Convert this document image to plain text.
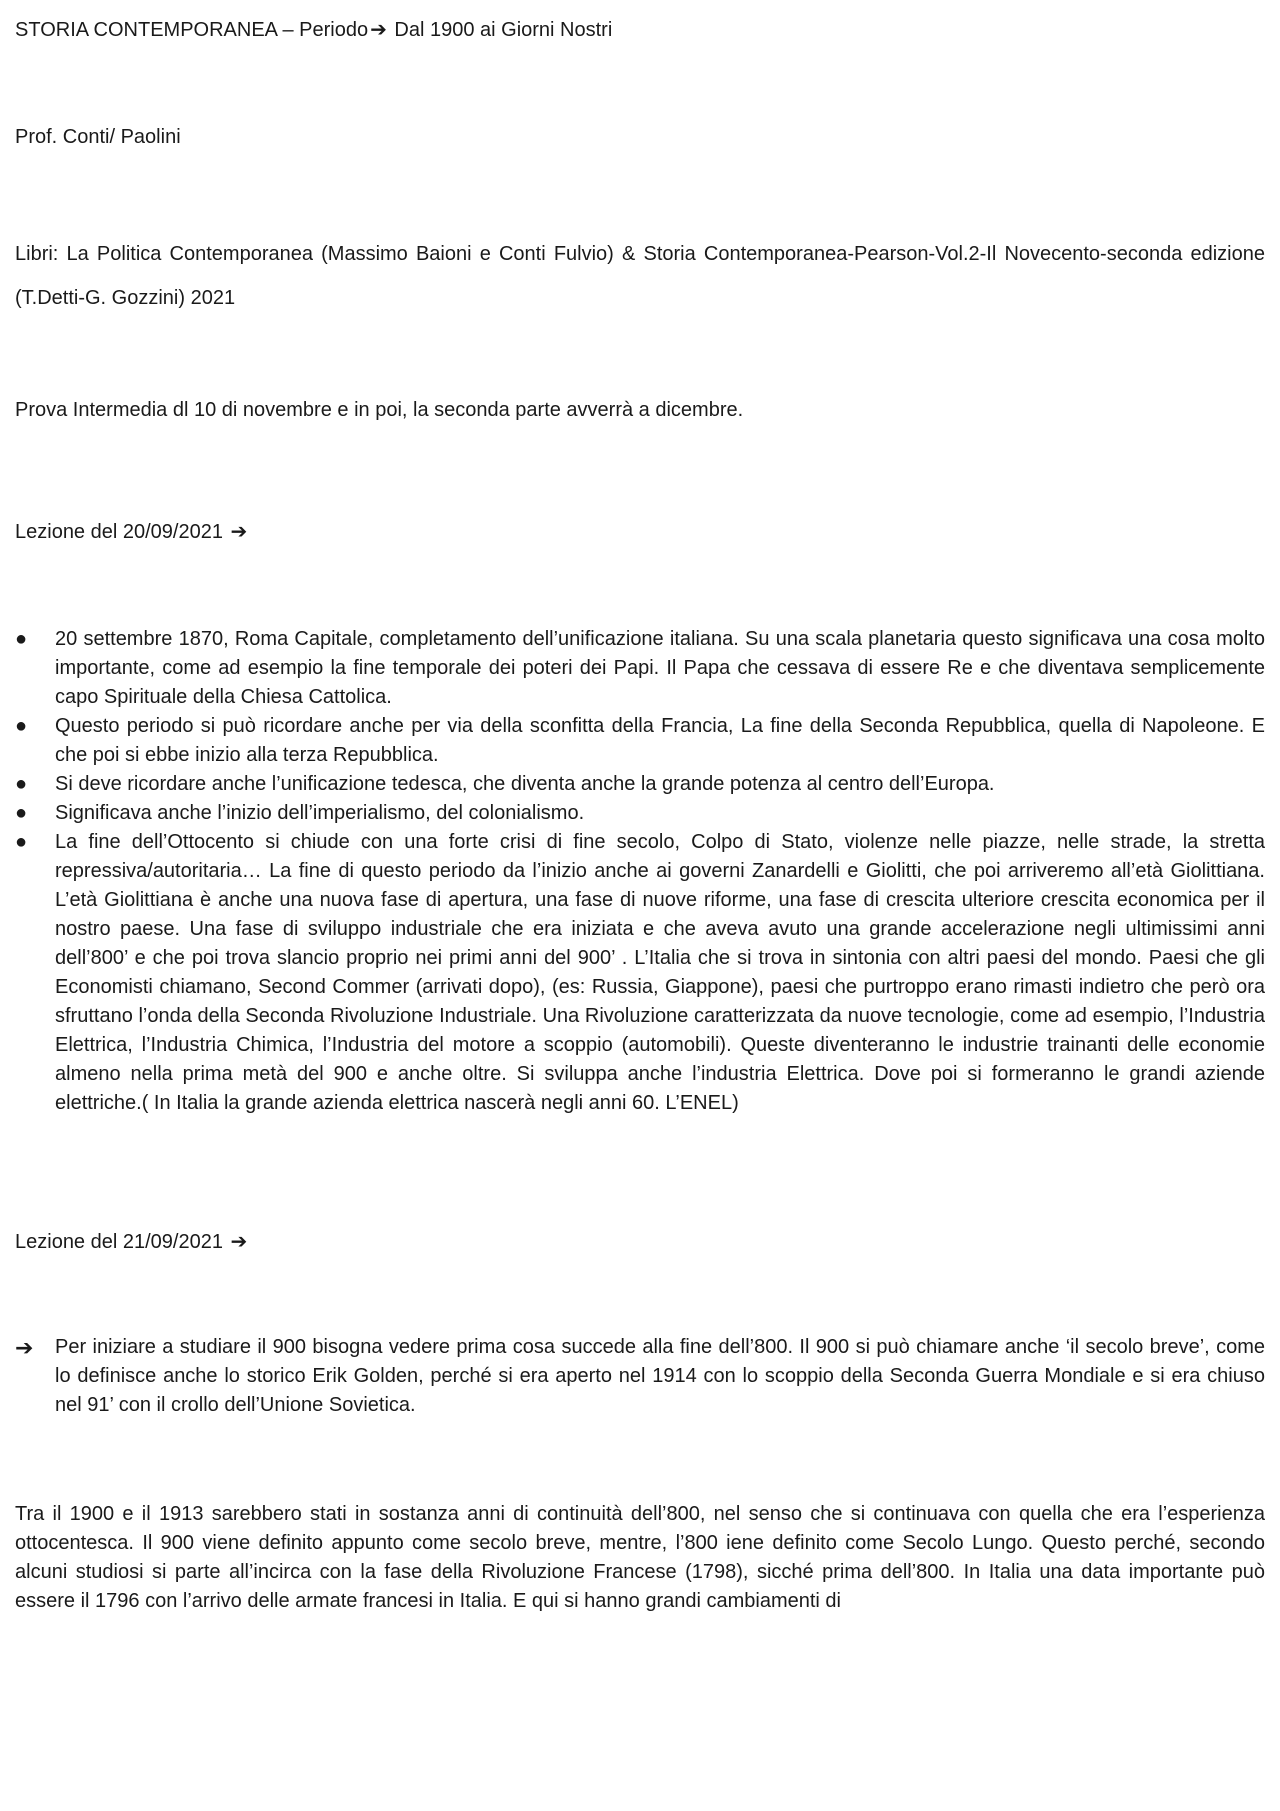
STORIA CONTEMPORANEA – Periodo ➔ Dal 1900 ai Giorni Nostri
Prof. Conti/ Paolini
Libri: La Politica Contemporanea (Massimo Baioni e Conti Fulvio) & Storia Contemporanea-Pearson-Vol.2-Il Novecento-seconda edizione (T.Detti-G. Gozzini) 2021
Prova Intermedia dl 10 di novembre e in poi, la seconda parte avverrà a dicembre.
Lezione del 20/09/2021 ➔
●	20 settembre 1870, Roma Capitale, completamento dell’unificazione italiana. Su una scala planetaria questo significava una cosa molto importante, come ad esempio la fine temporale dei poteri dei Papi. Il Papa che cessava di essere Re e che diventava semplicemente capo Spirituale della Chiesa Cattolica.
●	Questo periodo si può ricordare anche per via della sconfitta della Francia, La fine della Seconda Repubblica, quella di Napoleone. E che poi si ebbe inizio alla terza Repubblica.
●	Si deve ricordare anche l’unificazione tedesca, che diventa anche la grande potenza al centro dell’Europa.
●	Significava anche l’inizio dell’imperialismo, del colonialismo.
●	La fine dell’Ottocento si chiude con una forte crisi di fine secolo, Colpo di Stato, violenze nelle piazze, nelle strade, la stretta repressiva/autoritaria… La fine di questo periodo da l’inizio anche ai governi Zanardelli e Giolitti, che poi arriveremo all’età Giolittiana. L’età Giolittiana è anche una nuova fase di apertura, una fase di nuove riforme, una fase di crescita ulteriore crescita economica per il nostro paese. Una fase di sviluppo industriale che era iniziata e che aveva avuto una grande accelerazione negli ultimissimi anni dell’800’ e che poi trova slancio proprio nei primi anni del 900’ . L’Italia che si trova in sintonia con altri paesi del mondo. Paesi che gli Economisti chiamano, Second Commer (arrivati dopo), (es: Russia, Giappone), paesi che purtroppo erano rimasti indietro che però ora sfruttano l’onda della Seconda Rivoluzione Industriale. Una Rivoluzione caratterizzata da nuove tecnologie, come ad esempio, l’Industria Elettrica, l’Industria Chimica, l’Industria del motore a scoppio (automobili). Queste diventeranno le industrie trainanti delle economie almeno nella prima metà del 900 e anche oltre. Si sviluppa anche l’industria Elettrica. Dove poi si formeranno le grandi aziende elettriche.( In Italia la grande azienda elettrica nascerà negli anni 60. L’ENEL)
Lezione del 21/09/2021 ➔
➔	Per iniziare a studiare il 900 bisogna vedere prima cosa succede alla fine dell’800. Il 900 si può chiamare anche ‘il secolo breve’, come lo definisce anche lo storico Erik Golden, perché si era aperto nel 1914 con lo scoppio della Seconda Guerra Mondiale e si era chiuso nel 91’ con il crollo dell’Unione Sovietica.

Tra il 1900 e il 1913 sarebbero stati in sostanza anni di continuità dell’800, nel senso che si continuava con quella che era l’esperienza ottocentesca. Il 900 viene definito appunto come secolo breve, mentre, l’800 iene definito come Secolo Lungo. Questo perché, secondo alcuni studiosi si parte all’incirca con la fase della Rivoluzione Francese (1798), sicché prima dell’800. In Italia una data importante può essere il 1796 con l’arrivo delle armate francesi in Italia. E qui si hanno grandi cambiamenti di
